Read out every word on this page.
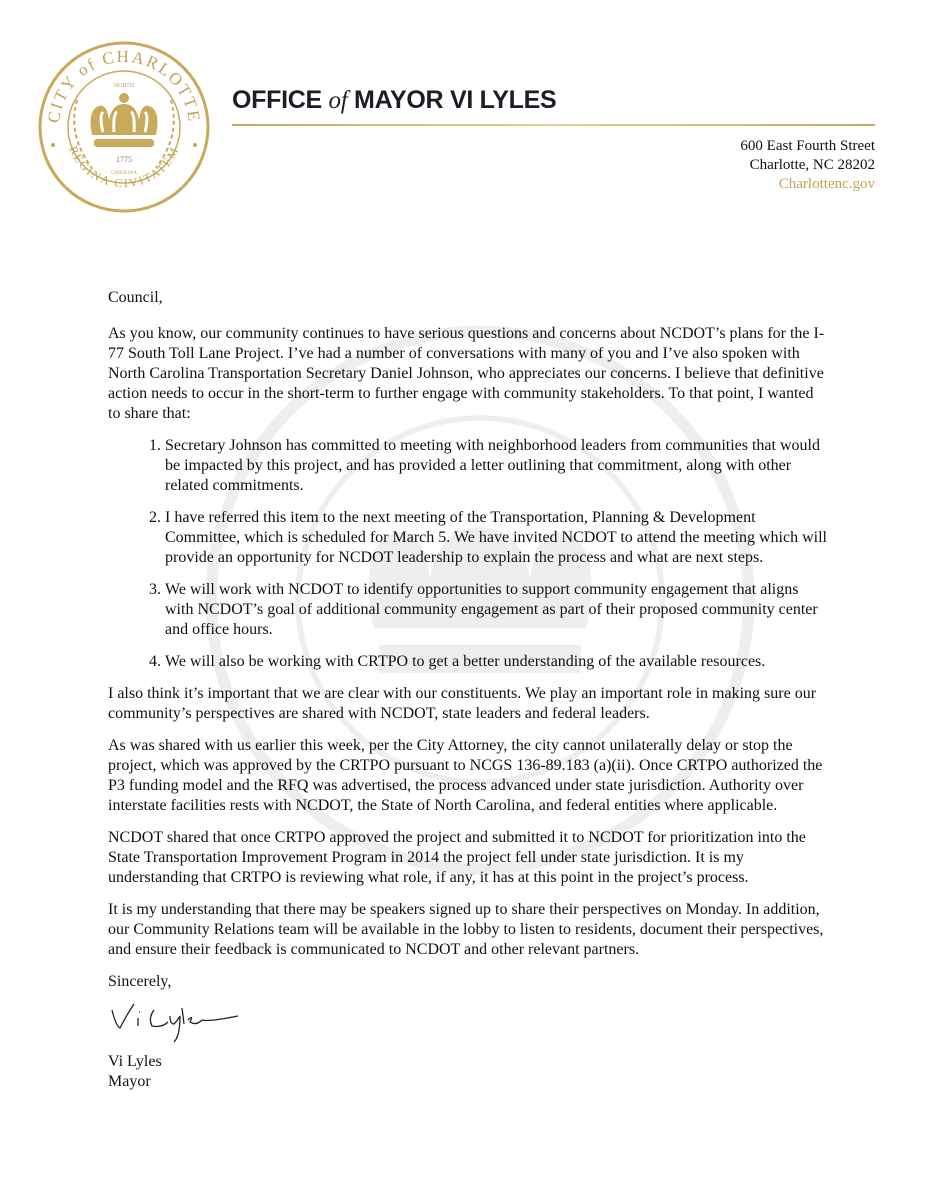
CITY of CHARLOTTE
REGINA CIVITATEM
NORTH
1775
CAROLINA
OFFICE of MAYOR VI LYLES
600 East Fourth Street
Charlotte, NC 28202
Charlottenc.gov

Council,

As you know, our community continues to have serious questions and concerns about NCDOT’s plans for the I-77 South Toll Lane Project. I’ve had a number of conversations with many of you and I’ve also spoken with North Carolina Transportation Secretary Daniel Johnson, who appreciates our concerns. I believe that definitive action needs to occur in the short-term to further engage with community stakeholders. To that point, I wanted to share that:

1. Secretary Johnson has committed to meeting with neighborhood leaders from communities that would be impacted by this project, and has provided a letter outlining that commitment, along with other related commitments.
2. I have referred this item to the next meeting of the Transportation, Planning & Development Committee, which is scheduled for March 5. We have invited NCDOT to attend the meeting which will provide an opportunity for NCDOT leadership to explain the process and what are next steps.
3. We will work with NCDOT to identify opportunities to support community engagement that aligns with NCDOT’s goal of additional community engagement as part of their proposed community center and office hours.
4. We will also be working with CRTPO to get a better understanding of the available resources.

I also think it’s important that we are clear with our constituents. We play an important role in making sure our community’s perspectives are shared with NCDOT, state leaders and federal leaders.

As was shared with us earlier this week, per the City Attorney, the city cannot unilaterally delay or stop the project, which was approved by the CRTPO pursuant to NCGS 136-89.183 (a)(ii). Once CRTPO authorized the P3 funding model and the RFQ was advertised, the process advanced under state jurisdiction. Authority over interstate facilities rests with NCDOT, the State of North Carolina, and federal entities where applicable.

NCDOT shared that once CRTPO approved the project and submitted it to NCDOT for prioritization into the State Transportation Improvement Program in 2014 the project fell under state jurisdiction. It is my understanding that CRTPO is reviewing what role, if any, it has at this point in the project’s process.

It is my understanding that there may be speakers signed up to share their perspectives on Monday. In addition, our Community Relations team will be available in the lobby to listen to residents, document their perspectives, and ensure their feedback is communicated to NCDOT and other relevant partners.

Sincerely,

Vi Lyles
Mayor
